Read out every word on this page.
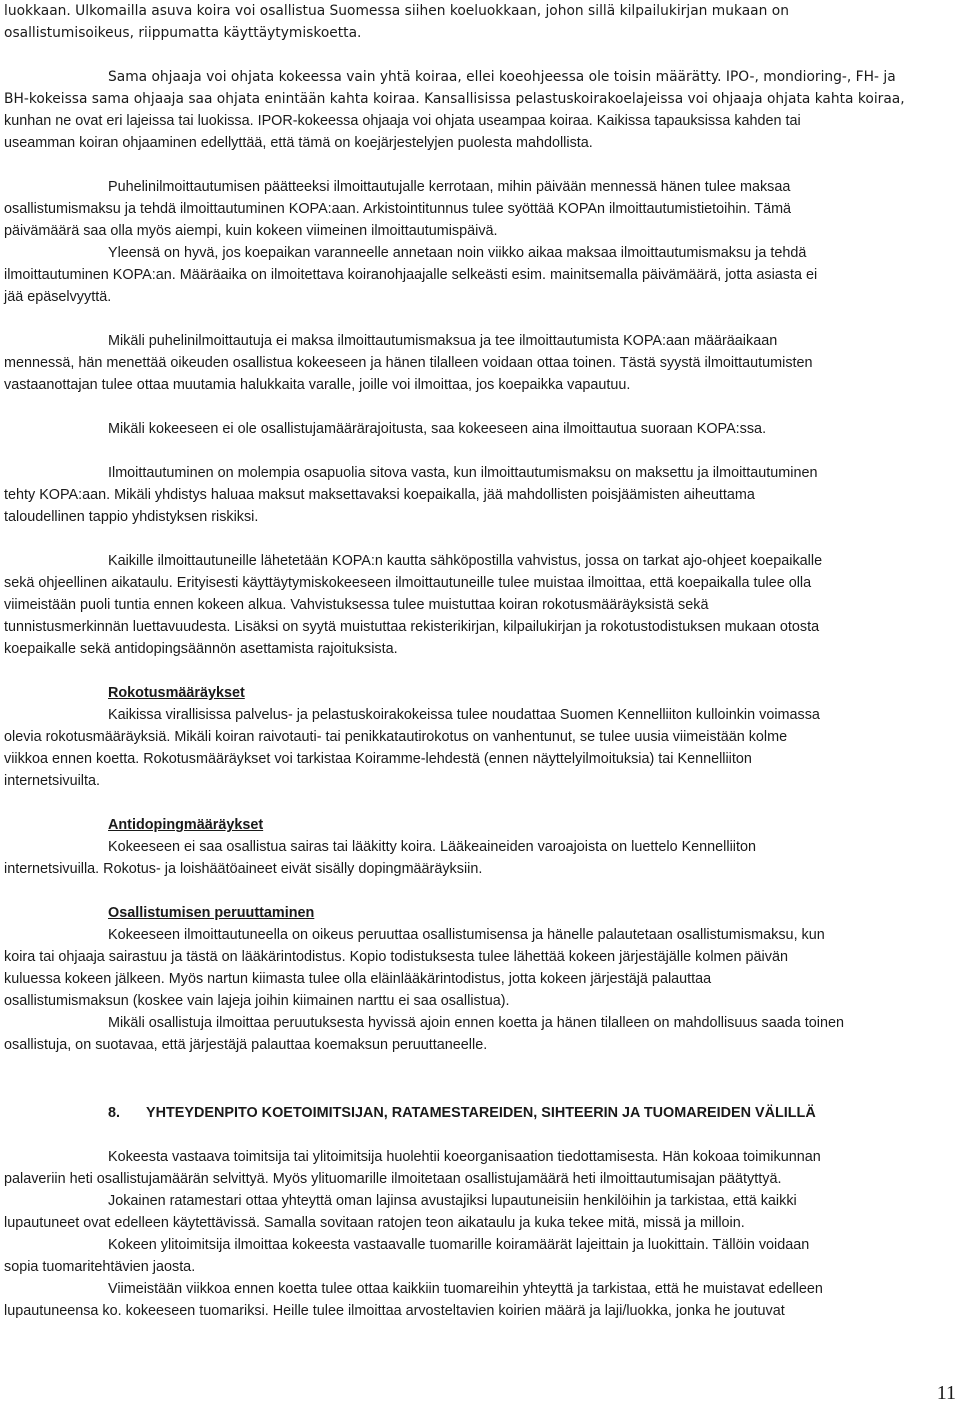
luokkaan. Ulkomailla asuva koira voi osallistua Suomessa siihen koeluokkaan, johon sillä kilpailukirjan mukaan on
osallistumisoikeus, riippumatta käyttäytymiskoetta.
Sama ohjaaja voi ohjata kokeessa vain yhtä koiraa, ellei koeohjeessa ole toisin määrätty. IPO-, mondioring-, FH- ja
BH-kokeissa sama ohjaaja saa ohjata enintään kahta koiraa. Kansallisissa pelastuskoirakoelajeissa voi ohjaaja ohjata kahta koiraa,
kunhan ne ovat eri lajeissa tai luokissa. IPOR-kokeessa ohjaaja voi ohjata useampaa koiraa. Kaikissa tapauksissa kahden tai
useamman koiran ohjaaminen edellyttää, että tämä on koejärjestelyjen puolesta mahdollista.
Puhelinilmoittautumisen päätteeksi ilmoittautujalle kerrotaan, mihin päivään mennessä hänen tulee maksaa
osallistumismaksu ja tehdä ilmoittautuminen KOPA:aan. Arkistointitunnus tulee syöttää KOPAn ilmoittautumistietoihin. Tämä
päivämäärä saa olla myös aiempi, kuin kokeen viimeinen ilmoittautumispäivä.
Yleensä on hyvä, jos koepaikan varanneelle annetaan noin viikko aikaa maksaa ilmoittautumismaksu ja tehdä
ilmoittautuminen KOPA:an. Määräaika on ilmoitettava koiranohjaajalle selkeästi esim. mainitsemalla päivämäärä, jotta asiasta ei
jää epäselvyyttä.
Mikäli puhelinilmoittautuja ei maksa ilmoittautumismaksua ja tee ilmoittautumista KOPA:aan määräaikaan
mennessä, hän menettää oikeuden osallistua kokeeseen ja hänen tilalleen voidaan ottaa toinen. Tästä syystä ilmoittautumisten
vastaanottajan tulee ottaa muutamia halukkaita varalle, joille voi ilmoittaa, jos koepaikka vapautuu.
Mikäli kokeeseen ei ole osallistujamäärärajoitusta, saa kokeeseen aina ilmoittautua suoraan KOPA:ssa.
Ilmoittautuminen on molempia osapuolia sitova vasta, kun ilmoittautumismaksu on maksettu ja ilmoittautuminen
tehty KOPA:aan. Mikäli yhdistys haluaa maksut maksettavaksi koepaikalla, jää mahdollisten poisjäämisten aiheuttama
taloudellinen tappio yhdistyksen riskiksi.
Kaikille ilmoittautuneille lähetetään KOPA:n kautta sähköpostilla vahvistus, jossa on tarkat ajo-ohjeet koepaikalle
sekä ohjeellinen aikataulu. Erityisesti käyttäytymiskokeeseen ilmoittautuneille tulee muistaa ilmoittaa, että koepaikalla tulee olla
viimeistään puoli tuntia ennen kokeen alkua. Vahvistuksessa tulee muistuttaa koiran rokotusmääräyksistä sekä
tunnistusmerkinnän luettavuudesta. Lisäksi on syytä muistuttaa rekisterikirjan, kilpailukirjan ja rokotustodistuksen mukaan otosta
koepaikalle sekä antidopingsäännön asettamista rajoituksista.
Rokotusmääräykset
Kaikissa virallisissa palvelus- ja pelastuskoirakokeissa tulee noudattaa Suomen Kennelliiton kulloinkin voimassa
olevia rokotusmääräyksiä. Mikäli koiran raivotauti- tai penikkatautirokotus on vanhentunut, se tulee uusia viimeistään kolme
viikkoa ennen koetta. Rokotusmääräykset voi tarkistaa Koiramme-lehdestä (ennen näyttelyilmoituksia) tai Kennelliiton
internetsivuilta.
Antidopingmääräykset
Kokeeseen ei saa osallistua sairas tai lääkitty koira. Lääkeaineiden varoajoista on luettelo Kennelliiton
internetsivuilla. Rokotus- ja loishäätöaineet eivät sisälly dopingmääräyksiin.
Osallistumisen peruuttaminen
Kokeeseen ilmoittautuneella on oikeus peruuttaa osallistumisensa ja hänelle palautetaan osallistumismaksu, kun
koira tai ohjaaja sairastuu ja tästä on lääkärintodistus. Kopio todistuksesta tulee lähettää kokeen järjestäjälle kolmen päivän
kuluessa kokeen jälkeen. Myös nartun kiimasta tulee olla eläinlääkärintodistus, jotta kokeen järjestäjä palauttaa
osallistumismaksun (koskee vain lajeja joihin kiimainen narttu ei saa osallistua).
Mikäli osallistuja ilmoittaa peruutuksesta hyvissä ajoin ennen koetta ja hänen tilalleen on mahdollisuus saada toinen
osallistuja, on suotavaa, että järjestäjä palauttaa koemaksun peruuttaneelle.
Kokeesta vastaava toimitsija tai ylitoimitsija huolehtii koeorganisaation tiedottamisesta. Hän kokoaa toimikunnan
palaveriin heti osallistujamäärän selvittyä. Myös ylituomarille ilmoitetaan osallistujamäärä heti ilmoittautumisajan päätyttyä.
Jokainen ratamestari ottaa yhteyttä oman lajinsa avustajiksi lupautuneisiin henkilöihin ja tarkistaa, että kaikki
lupautuneet ovat edelleen käytettävissä. Samalla sovitaan ratojen teon aikataulu ja kuka tekee mitä, missä ja milloin.
Kokeen ylitoimitsija ilmoittaa kokeesta vastaavalle tuomarille koiramäärät lajeittain ja luokittain. Tällöin voidaan
sopia tuomaritehtävien jaosta.
Viimeistään viikkoa ennen koetta tulee ottaa kaikkiin tuomareihin yhteyttä ja tarkistaa, että he muistavat edelleen
lupautuneensa ko. kokeeseen tuomariksi. Heille tulee ilmoittaa arvosteltavien koirien määrä ja laji/luokka, jonka he joutuvat
8. YHTEYDENPITO KOETOIMITSIJAN, RATAMESTAREIDEN, SIHTEERIN JA TUOMAREIDEN VÄLILLÄ
11
